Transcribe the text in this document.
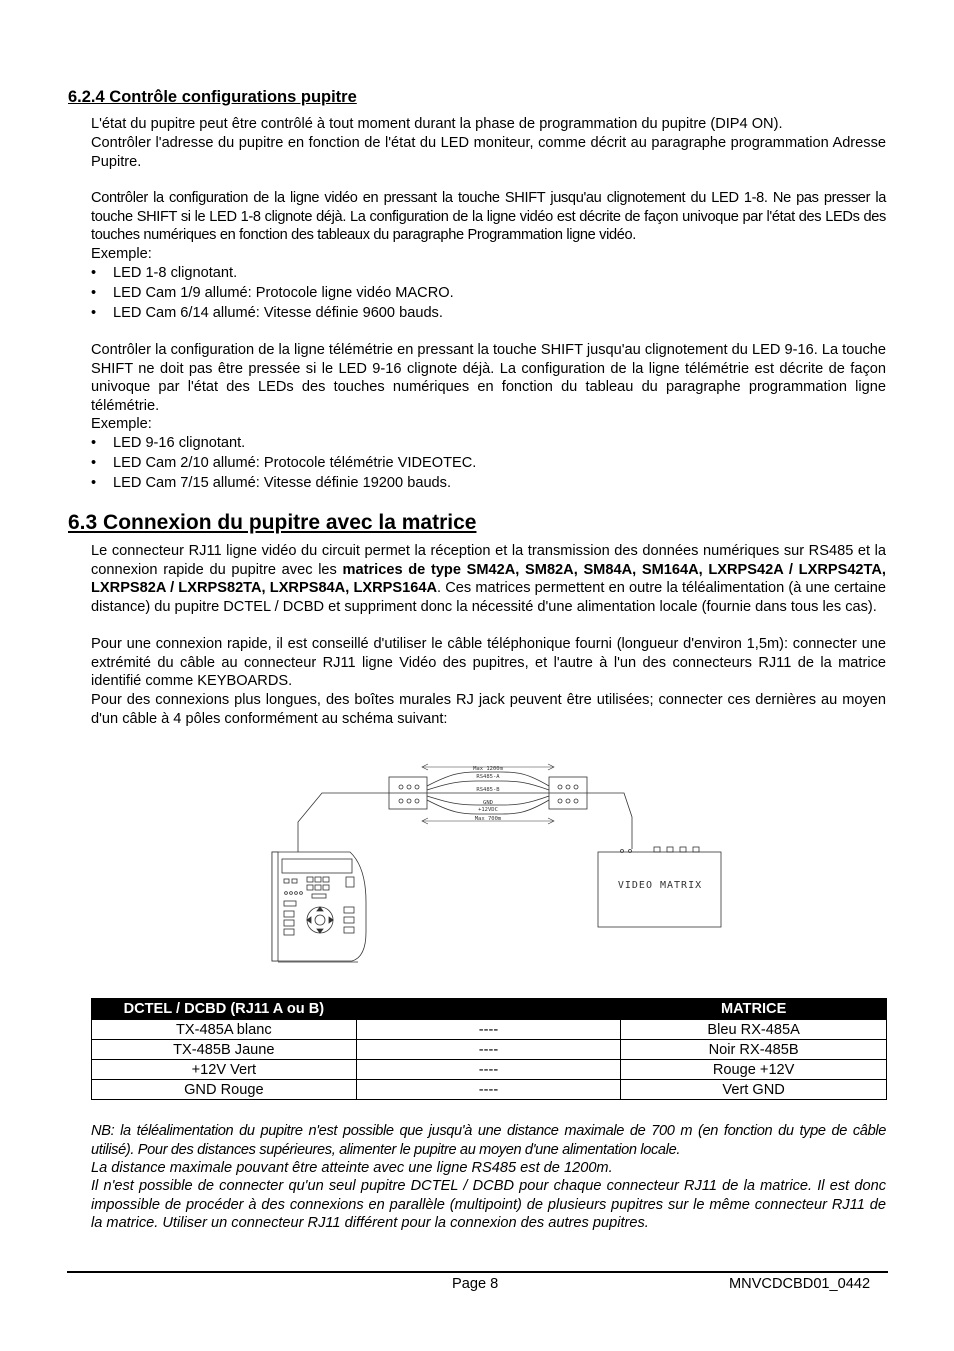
6.2.4 Contrôle configurations pupitre

L'état du pupitre peut être contrôlé à tout moment durant la phase de programmation du pupitre (DIP4 ON).

Contrôler l'adresse du pupitre en fonction de l'état du LED moniteur, comme décrit au paragraphe programmation Adresse Pupitre.

Contrôler la configuration de la ligne vidéo en pressant la touche SHIFT jusqu'au clignotement du LED 1-8. Ne pas presser la touche SHIFT si le LED 1-8 clignote déjà. La configuration de la ligne vidéo est décrite de façon univoque par l'état des LEDs des touches numériques en fonction des tableaux du paragraphe Programmation ligne vidéo.

Exemple:

• LED 1-8 clignotant.
• LED Cam 1/9 allumé: Protocole ligne vidéo MACRO.
• LED Cam 6/14 allumé: Vitesse définie 9600 bauds.

Contrôler la configuration de la ligne télémétrie en pressant la touche SHIFT jusqu'au clignotement du LED 9-16. La touche SHIFT ne doit pas être pressée si le LED 9-16 clignote déjà. La configuration de la ligne télémétrie est décrite de façon univoque par l'état des LEDs des touches numériques en fonction du tableau du paragraphe programmation ligne télémétrie.

Exemple:

• LED 9-16 clignotant.
• LED Cam 2/10 allumé: Protocole télémétrie VIDEOTEC.
• LED Cam 7/15 allumé: Vitesse définie 19200 bauds.
6.3 Connexion du pupitre avec la matrice

Le connecteur RJ11 ligne vidéo du circuit permet la réception et la transmission des données numériques sur RS485 et la connexion rapide du pupitre avec les matrices de type SM42A, SM82A, SM84A, SM164A, LXRPS42A / LXRPS42TA, LXRPS82A / LXRPS82TA, LXRPS84A, LXRPS164A. Ces matrices permettent en outre la téléalimentation (à une certaine distance) du pupitre DCTEL / DCBD et suppriment donc la nécessité d'une alimentation locale (fournie dans tous les cas).

Pour une connexion rapide, il est conseillé d'utiliser le câble téléphonique fourni (longueur d'environ 1,5m): connecter une extrémité du câble au connecteur RJ11 ligne Vidéo des pupitres, et l'autre à l'un des connecteurs RJ11 de la matrice identifié comme KEYBOARDS.

Pour des connexions plus longues, des boîtes murales RJ jack peuvent être utilisées; connecter ces dernières au moyen d'un câble à 4 pôles conformément au schéma suivant:

Max 1200m
RS485-A
RS485-B
GND
+12VDC
Max 700m
VIDEO MATRIX
DCTEL / DCBD (RJ11 A ou B)		MATRICE
TX-485A blanc	----	Bleu RX-485A
TX-485B Jaune	----	Noir RX-485B
+12V Vert	----	Rouge +12V
GND Rouge	----	Vert GND

NB: la téléalimentation du pupitre n'est possible que jusqu'à une distance maximale de 700 m (en fonction du type de câble utilisé). Pour des distances supérieures, alimenter le pupitre au moyen d'une alimentation locale.

La distance maximale pouvant être atteinte avec une ligne RS485 est de 1200m.

Il n'est possible de connecter qu'un seul pupitre DCTEL / DCBD pour chaque connecteur RJ11 de la matrice. Il est donc impossible de procéder à des connexions en parallèle (multipoint) de plusieurs pupitres sur le même connecteur RJ11 de la matrice. Utiliser un connecteur RJ11 différent pour la connexion des autres pupitres.

Page 8	MNVCDCBD01_0442
